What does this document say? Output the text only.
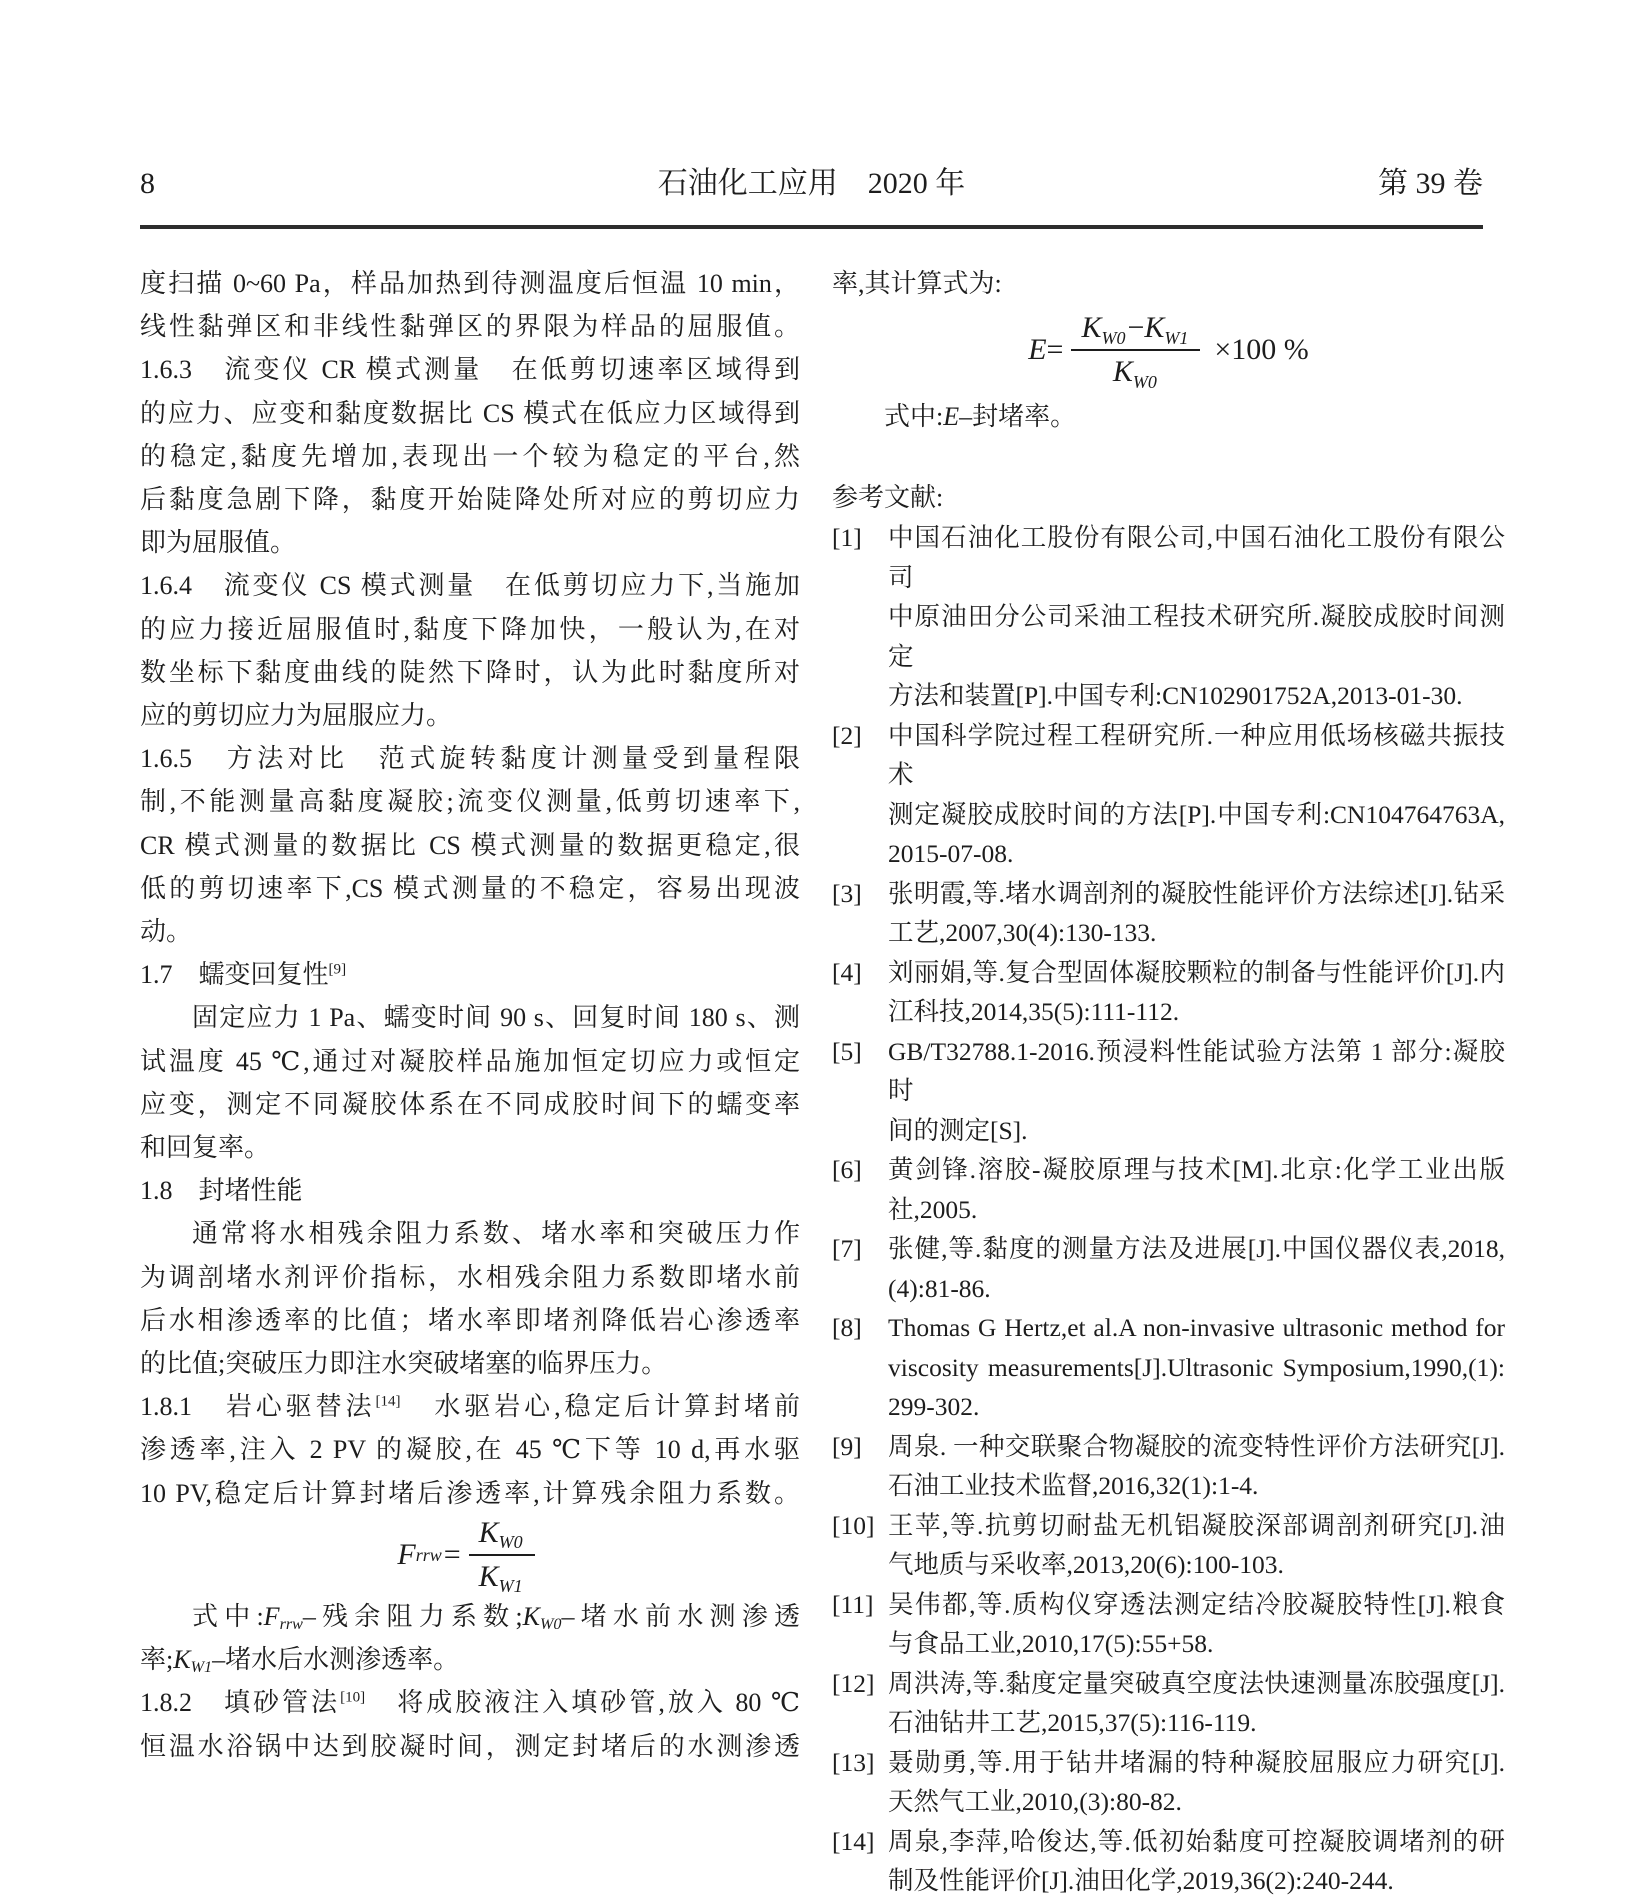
8	石油化工应用　2020 年	第 39 卷
度扫描 0~60 Pa，样品加热到待测温度后恒温 10 min，
线性黏弹区和非线性黏弹区的界限为样品的屈服值。
1.6.3　流变仪 CR 模式测量　在低剪切速率区域得到
的应力、应变和黏度数据比 CS 模式在低应力区域得到
的稳定,黏度先增加,表现出一个较为稳定的平台,然
后黏度急剧下降，黏度开始陡降处所对应的剪切应力
即为屈服值。
1.6.4　流变仪 CS 模式测量　在低剪切应力下,当施加
的应力接近屈服值时,黏度下降加快，一般认为,在对
数坐标下黏度曲线的陡然下降时，认为此时黏度所对
应的剪切应力为屈服应力。
1.6.5　方法对比　范式旋转黏度计测量受到量程限
制,不能测量高黏度凝胶;流变仪测量,低剪切速率下,
CR 模式测量的数据比 CS 模式测量的数据更稳定,很
低的剪切速率下,CS 模式测量的不稳定，容易出现波
动。
1.7　蠕变回复性[9]
固定应力 1 Pa、蠕变时间 90 s、回复时间 180 s、测
试温度 45 ℃,通过对凝胶样品施加恒定切应力或恒定
应变，测定不同凝胶体系在不同成胶时间下的蠕变率
和回复率。
1.8　封堵性能
通常将水相残余阻力系数、堵水率和突破压力作
为调剖堵水剂评价指标，水相残余阻力系数即堵水前
后水相渗透率的比值；堵水率即堵剂降低岩心渗透率
的比值;突破压力即注水突破堵塞的临界压力。
1.8.1　岩心驱替法[14]　水驱岩心,稳定后计算封堵前
渗透率,注入 2 PV 的凝胶,在 45 ℃下等 10 d,再水驱
10 PV,稳定后计算封堵后渗透率,计算残余阻力系数。
F rrw = $\frac{K_{W0}}{K_{W1}}$
式中:Frrw–残余阻力系数;KW0–堵水前水测渗透
率;KW1–堵水后水测渗透率。
1.8.2　填砂管法[10]　将成胶液注入填砂管,放入 80 ℃
恒温水浴锅中达到胶凝时间，测定封堵后的水测渗透
率,其计算式为:
$E = \frac{K_{W0}-K_{W1}}{K_{W0}} \times 100$ %
式中:E–封堵率。
参考文献:
[1]	中国石油化工股份有限公司,中国石油化工股份有限公司
中原油田分公司采油工程技术研究所.凝胶成胶时间测定
方法和装置[P].中国专利:CN102901752A,2013-01-30.
[2]	中国科学院过程工程研究所.一种应用低场核磁共振技术
测定凝胶成胶时间的方法[P].中国专利:CN104764763A,
2015-07-08.
[3]	张明霞,等.堵水调剖剂的凝胶性能评价方法综述[J].钻采
工艺,2007,30(4):130-133.
[4]	刘丽娟,等.复合型固体凝胶颗粒的制备与性能评价[J].内
江科技,2014,35(5):111-112.
[5]	GB/T32788.1-2016.预浸料性能试验方法第 1 部分:凝胶时
间的测定[S].
[6]	黄剑锋.溶胶-凝胶原理与技术[M].北京:化学工业出版
社,2005.
[7]	张健,等.黏度的测量方法及进展[J].中国仪器仪表,2018,
(4):81-86.
[8]	Thomas G Hertz,et al.A non-invasive ultrasonic method for
viscosity measurements[J].Ultrasonic Symposium,1990,(1):
299-302.
[9]	周泉. 一种交联聚合物凝胶的流变特性评价方法研究[J].
石油工业技术监督,2016,32(1):1-4.
[10] 王苹,等.抗剪切耐盐无机铝凝胶深部调剖剂研究[J].油
气地质与采收率,2013,20(6):100-103.
[11] 吴伟都,等.质构仪穿透法测定结冷胶凝胶特性[J].粮食
与食品工业,2010,17(5):55+58.
[12] 周洪涛,等.黏度定量突破真空度法快速测量冻胶强度[J].
石油钻井工艺,2015,37(5):116-119.
[13] 聂勋勇,等.用于钻井堵漏的特种凝胶屈服应力研究[J].
天然气工业,2010,(3):80-82.
[14] 周泉,李萍,哈俊达,等.低初始黏度可控凝胶调堵剂的研
制及性能评价[J].油田化学,2019,36(2):240-244.
